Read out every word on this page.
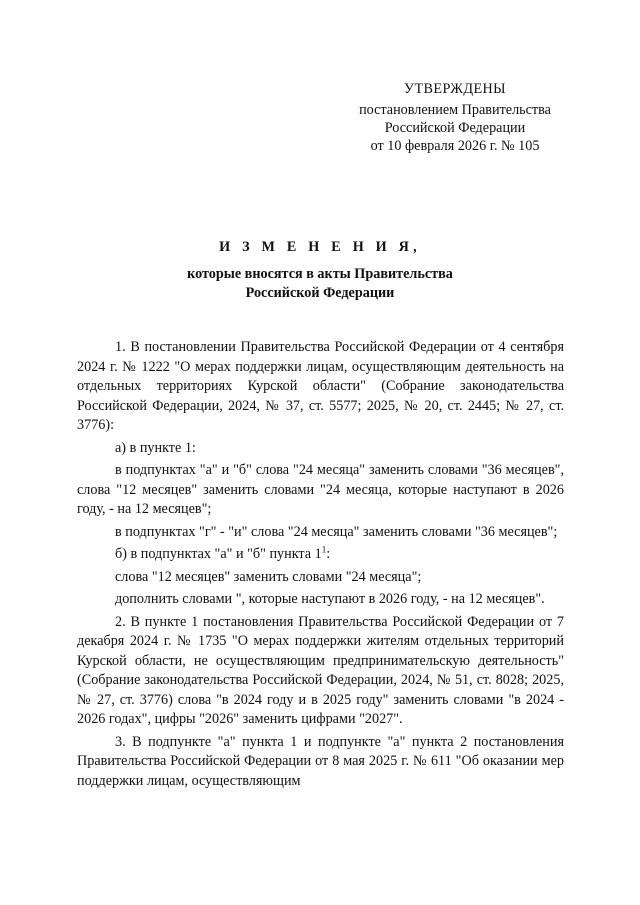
УТВЕРЖДЕНЫ
постановлением Правительства
Российской Федерации
от 10 февраля 2026 г. № 105
И З М Е Н Е Н И Я,
которые вносятся в акты Правительства
Российской Федерации

1. В постановлении Правительства Российской Федерации от 4 сентября 2024 г. № 1222 "О мерах поддержки лицам, осуществляющим деятельность на отдельных территориях Курской области" (Собрание законодательства Российской Федерации, 2024, № 37, ст. 5577; 2025, № 20, ст. 2445; № 27, ст. 3776):

а) в пункте 1:

в подпунктах "а" и "б" слова "24 месяца" заменить словами "36 месяцев", слова "12 месяцев" заменить словами "24 месяца, которые наступают в 2026 году, - на 12 месяцев";

в подпунктах "г" - "и" слова "24 месяца" заменить словами "36 месяцев";

б) в подпунктах "а" и "б" пункта $1^1$:

слова "12 месяцев" заменить словами "24 месяца";

дополнить словами ", которые наступают в 2026 году, - на 12 месяцев".

2. В пункте 1 постановления Правительства Российской Федерации от 7 декабря 2024 г. № 1735 "О мерах поддержки жителям отдельных территорий Курской области, не осуществляющим предпринимательскую деятельность" (Собрание законодательства Российской Федерации, 2024, № 51, ст. 8028; 2025, № 27, ст. 3776) слова "в 2024 году и в 2025 году" заменить словами "в 2024 - 2026 годах", цифры "2026" заменить цифрами "2027".

3. В подпункте "а" пункта 1 и подпункте "а" пункта 2 постановления Правительства Российской Федерации от 8 мая 2025 г. № 611 "Об оказании мер поддержки лицам, осуществляющим
